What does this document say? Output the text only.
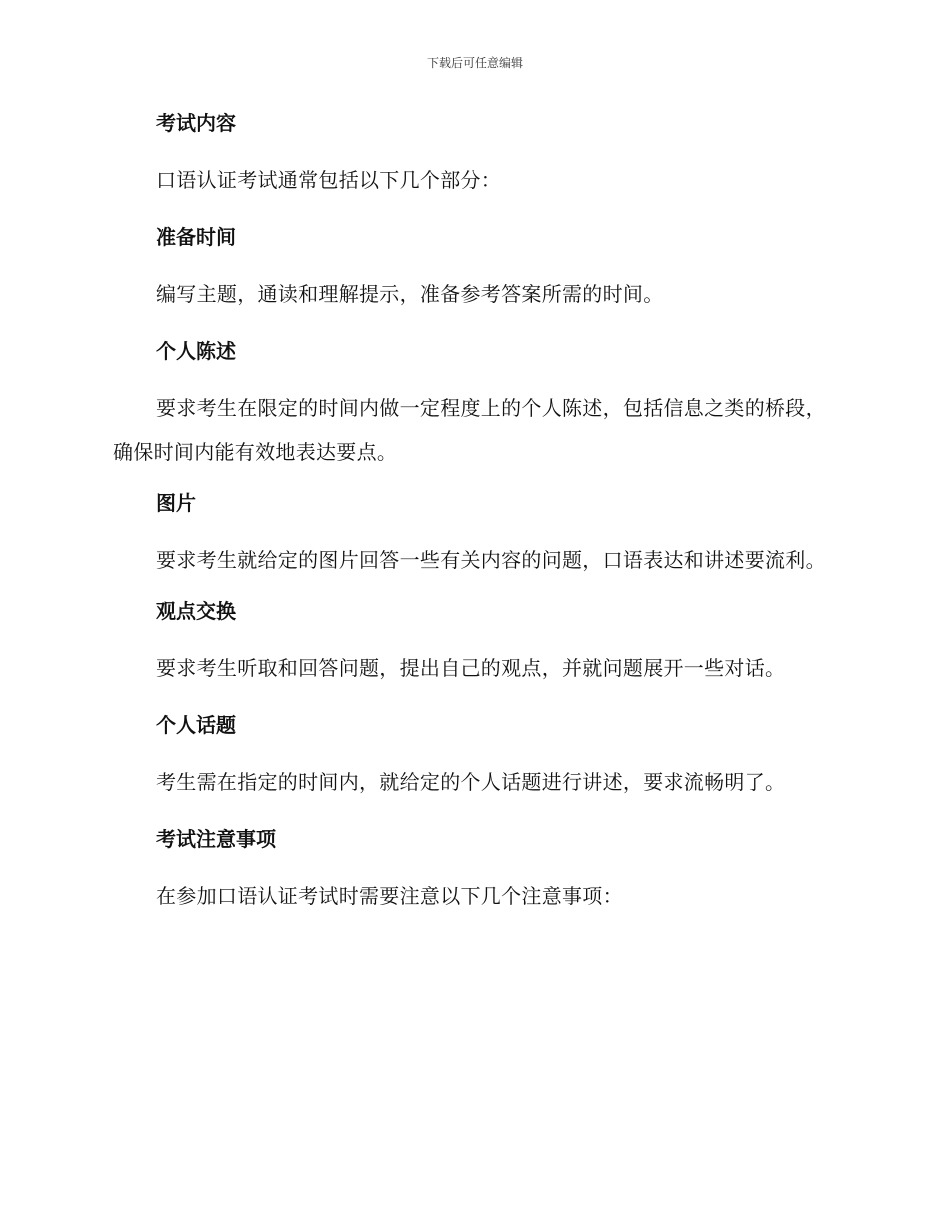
下载后可任意编辑
考试内容
口语认证考试通常包括以下几个部分：
准备时间
编写主题，通读和理解提示，准备参考答案所需的时间。
个人陈述
要求考生在限定的时间内做一定程度上的个人陈述，包括信息之类的桥段，确保时间内能有效地表达要点。
图片
要求考生就给定的图片回答一些有关内容的问题，口语表达和讲述要流利。
观点交换
要求考生听取和回答问题，提出自己的观点，并就问题展开一些对话。
个人话题
考生需在指定的时间内，就给定的个人话题进行讲述，要求流畅明了。
考试注意事项
在参加口语认证考试时需要注意以下几个注意事项：
